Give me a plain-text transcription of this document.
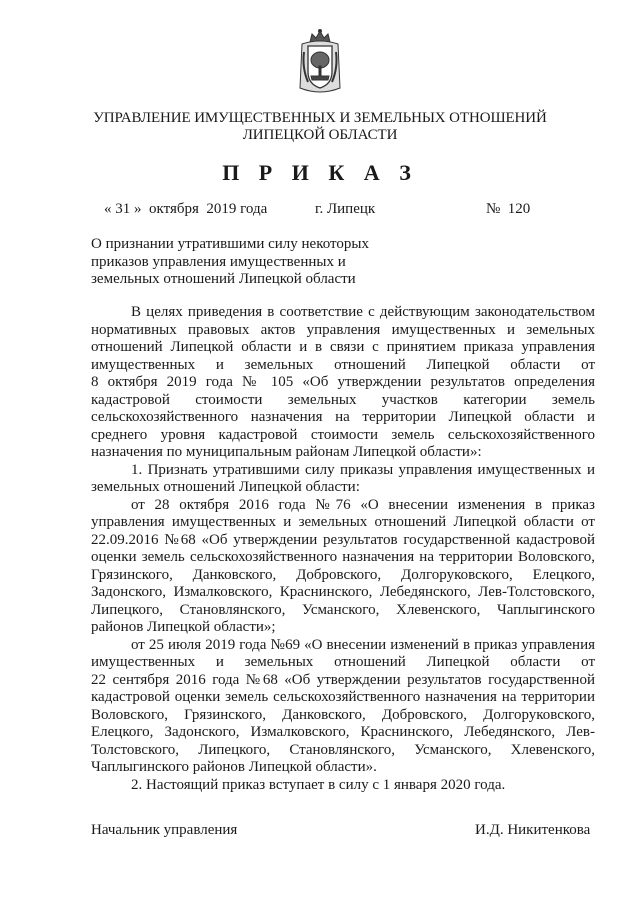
УПРАВЛЕНИЕ ИМУЩЕСТВЕННЫХ И ЗЕМЕЛЬНЫХ ОТНОШЕНИЙ
ЛИПЕЦКОЙ ОБЛАСТИ
П Р И К А З
« 31 »  октября  2019 года	г. Липецк	№  120
О признании утратившими силу некоторых
приказов управления имущественных и
земельных отношений Липецкой области
В целях приведения в соответствие с действующим законодательством
нормативных правовых актов управления имущественных и земельных
отношений Липецкой области и в связи с принятием приказа управления
имущественных и земельных отношений Липецкой области от
8 октября 2019 года № 105 «Об утверждении результатов определения
кадастровой стоимости земельных участков категории земель
сельскохозяйственного назначения на территории Липецкой области и
среднего уровня кадастровой стоимости земель сельскохозяйственного
назначения по муниципальным районам Липецкой области»:
1. Признать утратившими силу приказы управления имущественных и
земельных отношений Липецкой области:
от 28 октября 2016 года №76 «О внесении изменения в приказ
управления имущественных и земельных отношений Липецкой области от
22.09.2016 №68 «Об утверждении результатов государственной кадастровой
оценки земель сельскохозяйственного назначения на территории Воловского,
Грязинского, Данковского, Добровского, Долгоруковского, Елецкого,
Задонского, Измалковского, Краснинского, Лебедянского, Лев-Толстовского,
Липецкого, Становлянского, Усманского, Хлевенского, Чаплыгинского
районов Липецкой области»;
от 25 июля 2019 года №69 «О внесении изменений в приказ управления
имущественных и земельных отношений Липецкой области от
22 сентября 2016 года №68 «Об утверждении результатов государственной
кадастровой оценки земель сельскохозяйственного назначения на территории
Воловского, Грязинского, Данковского, Добровского, Долгоруковского,
Елецкого, Задонского, Измалковского, Краснинского, Лебедянского, Лев-
Толстовского, Липецкого, Становлянского, Усманского, Хлевенского,
Чаплыгинского районов Липецкой области».
2. Настоящий приказ вступает в силу с 1 января 2020 года.
Начальник управления	И.Д. Никитенкова
